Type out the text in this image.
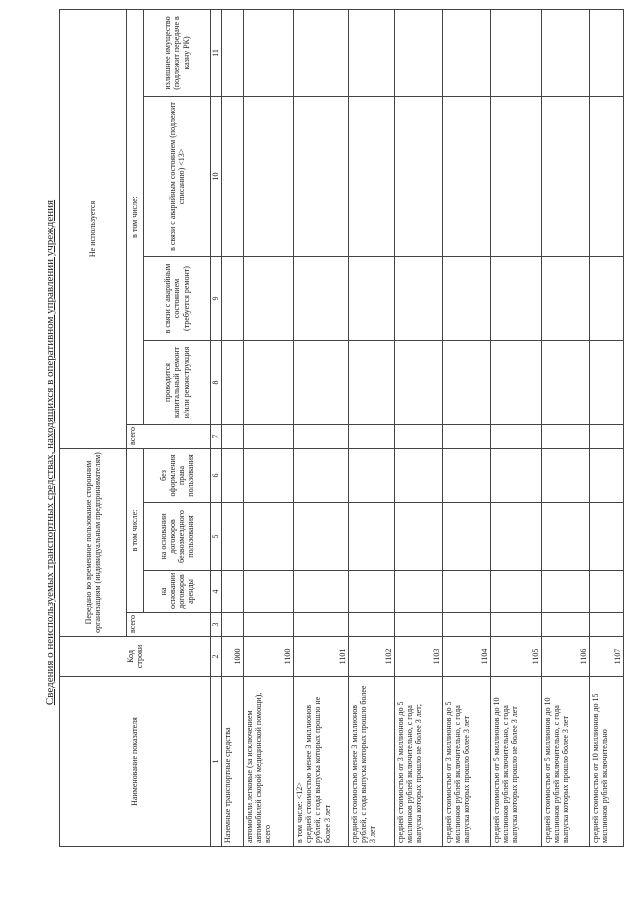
Сведения о неиспользуемых транспортных средствах, находящихся в оперативном управлении учреждения
Наименование показателя	Код строки	Передано во временное пользование сторонним организациям (индивидуальным предпринимателям)				Не используется				
		всего	в том числе:			всего	в том числе:			
			на основании договоров аренды	на основании договоров безвозмездного пользования	без оформления права пользования		проводится капитальный ремонт и/или реконструкция	в связи с аварийным состоянием (требуется ремонт)	в связи с аварийным состоянием (подлежит списанию) <13>	излишнее имущество (подлежит передаче в казну РК)
1	2	3	4	5	6	7	8	9	10	11
Наземные транспортные средства	1000									
автомобили легковые (за исключением автомобилей скорой медицинской помощи), всего	1100									
в том числе: <12>
средней стоимостью менее 3 миллионов рублей, с года выпуска которых прошло не более 3 лет	1101									
средней стоимостью менее 3 миллионов рублей, с года выпуска которых прошло более 3 лет	1102									
средней стоимостью от 3 миллионов до 5 миллионов рублей включительно, с года выпуска которых прошло не более 3 лет;	1103									
средней стоимостью от 3 миллионов до 5 миллионов рублей включительно, с года выпуска которых прошло более 3 лет	1104									
средней стоимостью от 5 миллионов до 10 миллионов рублей включительно, с года выпуска которых прошло не более 3 лет	1105									
средней стоимостью от 5 миллионов до 10 миллионов рублей включительно, с года выпуска которых прошло более 3 лет	1106									
средней стоимостью от 10 миллионов до 15 миллионов рублей включительно	1107									
